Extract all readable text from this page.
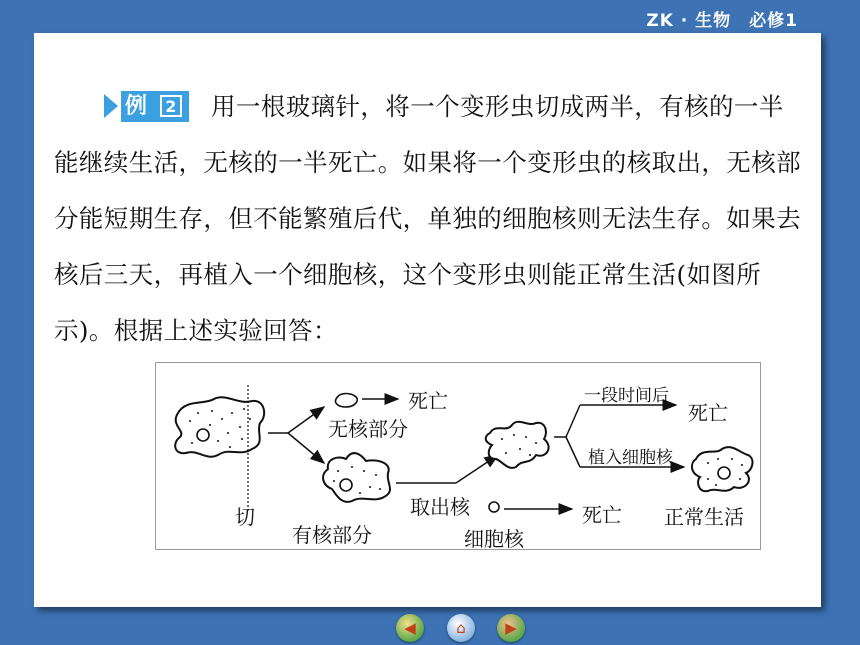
ZK · 生物　必修1

例	2 用一根玻璃针，将一个变形虫切成两半，有核的一半能继续生活，无核的一半死亡。如果将一个变形虫的核取出，无核部分能短期生存，但不能繁殖后代，单独的细胞核则无法生存。如果去核后三天，再植入一个细胞核，这个变形虫则能正常生活(如图所示)。根据上述实验回答：

切
死亡
无核部分
有核部分
取出核
细胞核
死亡
一段时间后
死亡
植入细胞核
正常生活
◀	⌂	▶
